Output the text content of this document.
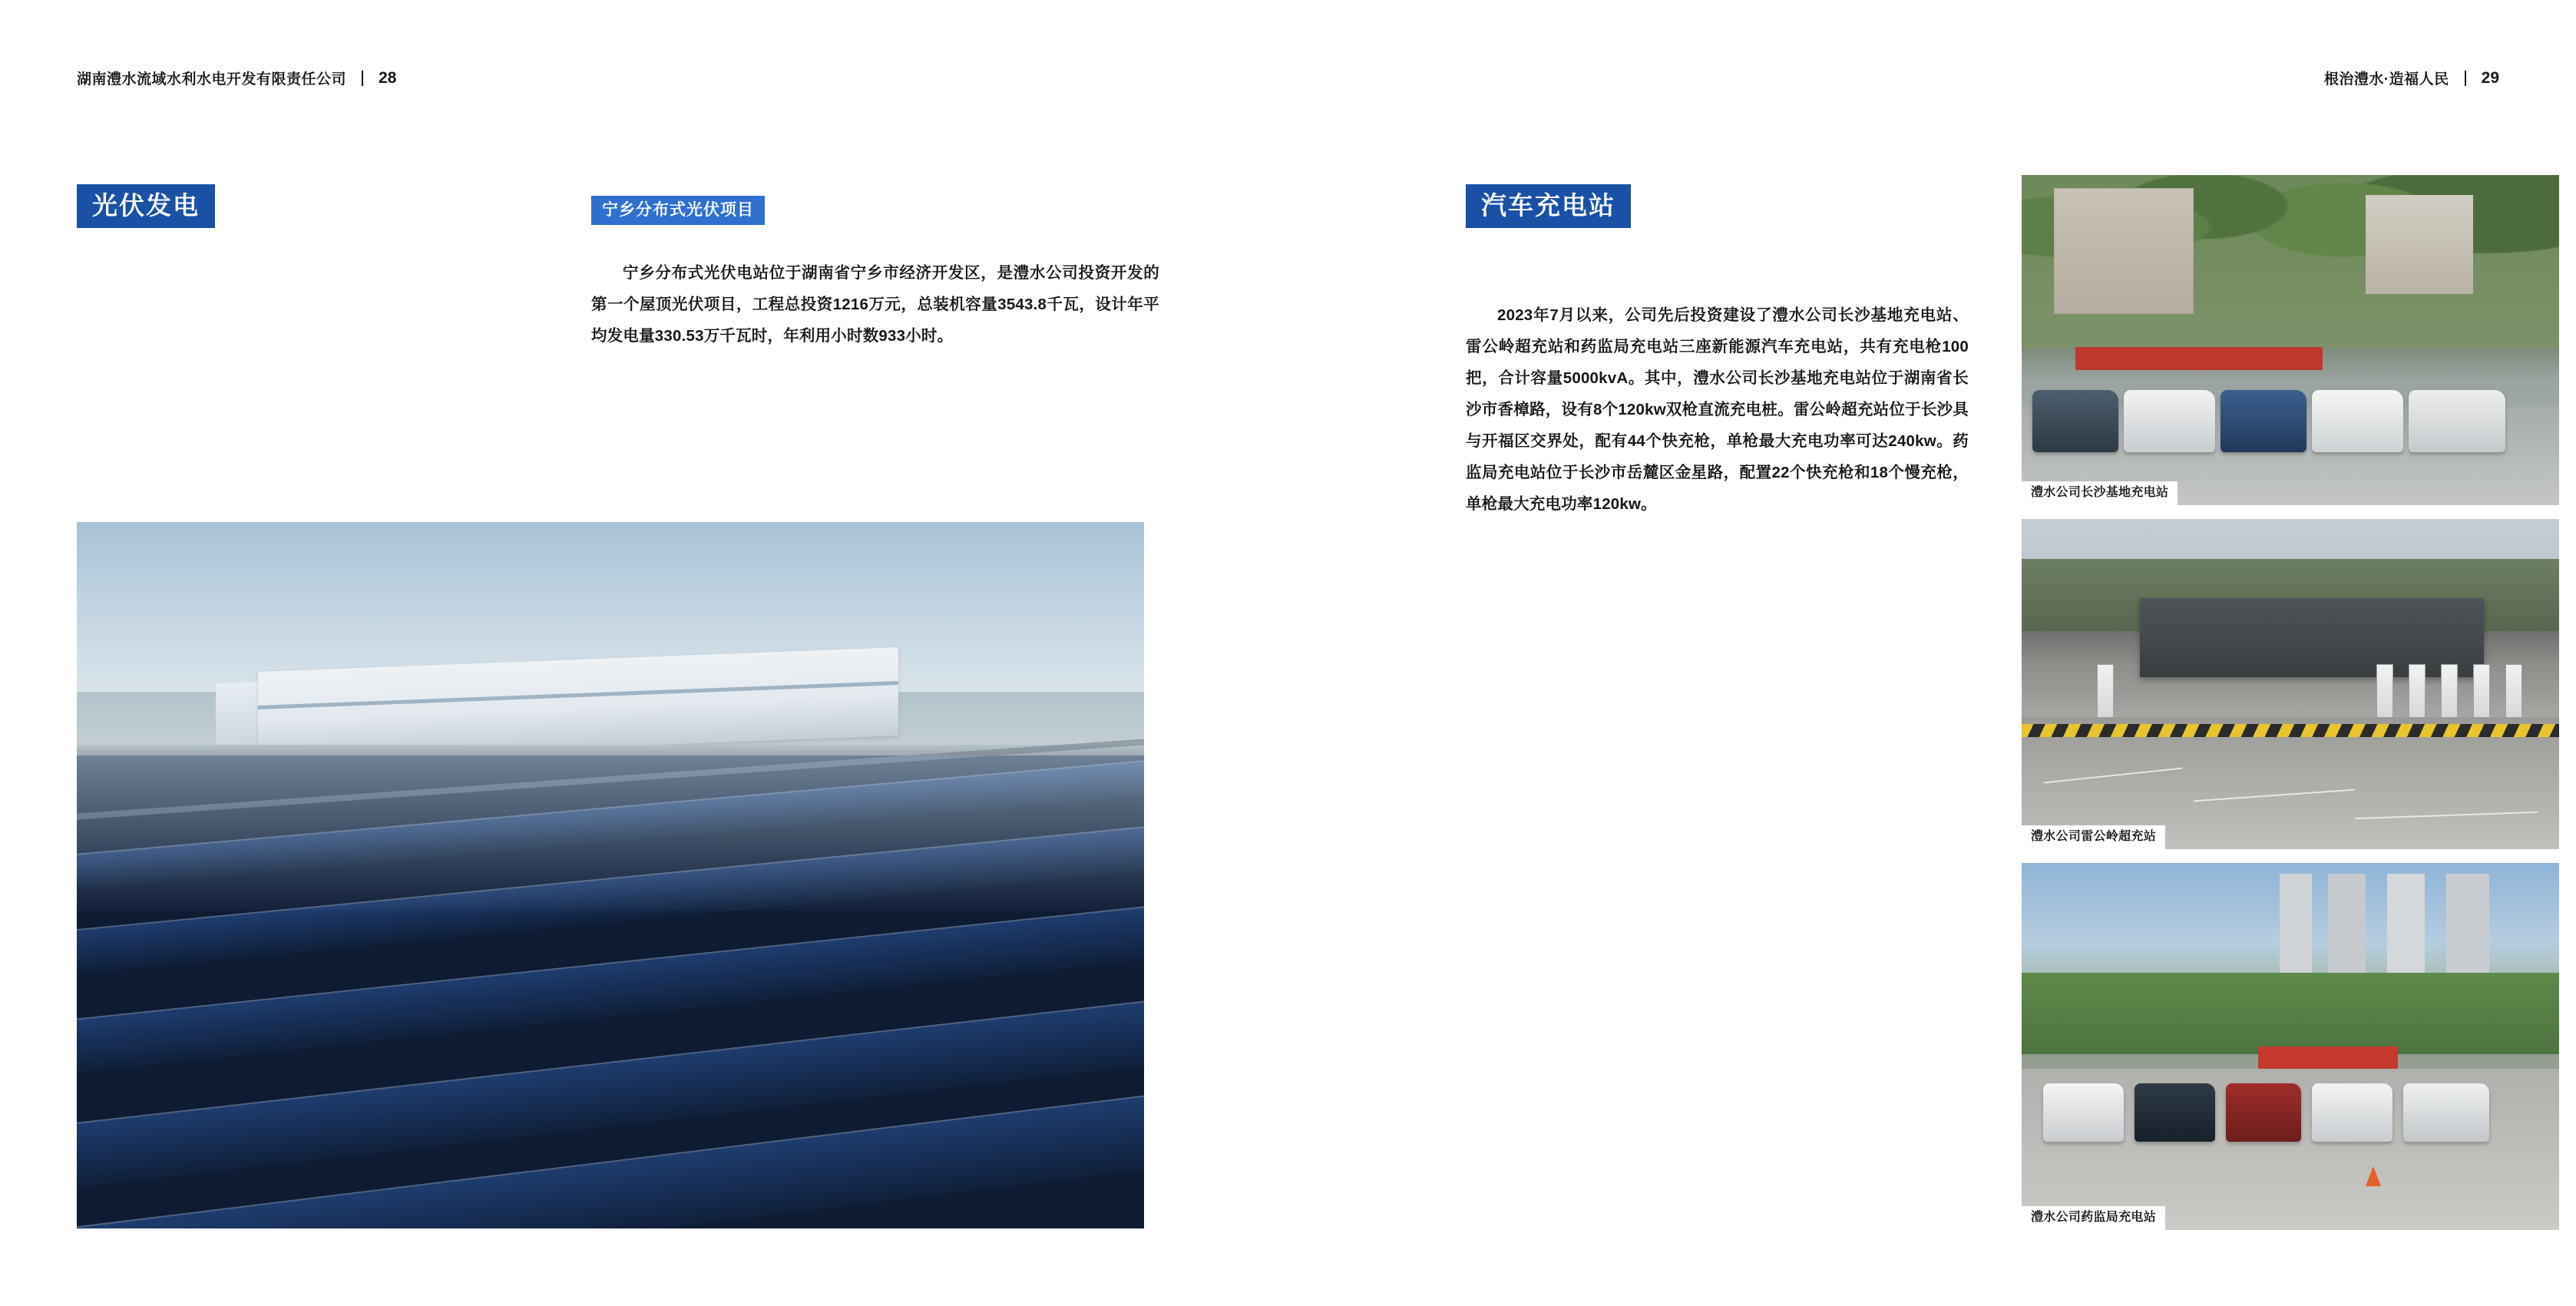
湖南澧水流域水利水电开发有限责任公司 28
光伏发电	宁乡分布式光伏项目

宁乡分布式光伏电站位于湖南省宁乡市经济开发区，是澧水公司投资开发的第一个屋顶光伏项目，工程总投资1216万元，总装机容量3543.8千瓦，设计年平均发电量330.53万千瓦时，年利用小时数933小时。

根治澧水·造福人民 29
汽车充电站

2023年7月以来，公司先后投资建设了澧水公司长沙基地充电站、雷公岭超充站和药监局充电站三座新能源汽车充电站，共有充电枪100把，合计容量5000kvA。其中，澧水公司长沙基地充电站位于湖南省长沙市香樟路，设有8个120kw双枪直流充电桩。雷公岭超充站位于长沙具与开福区交界处，配有44个快充枪，单枪最大充电功率可达240kw。药监局充电站位于长沙市岳麓区金星路，配置22个快充枪和18个慢充枪，单枪最大充电功率120kw。

澧水公司长沙基地充电站
澧水公司雷公岭超充站
澧水公司药监局充电站
